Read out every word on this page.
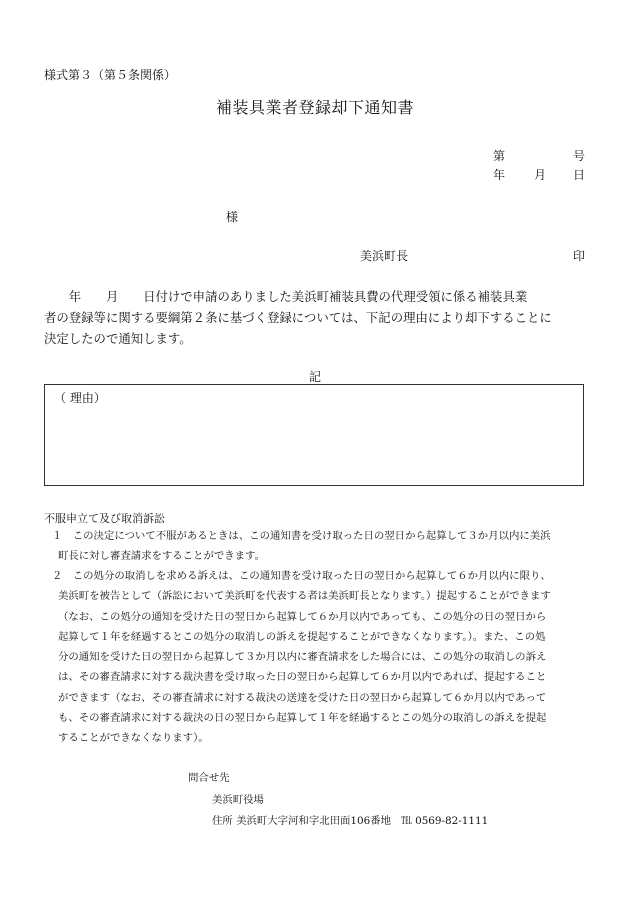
様式第３（第５条関係）
補装具業者登録却下通知書
第	号
年 月 日
様
美浜町長	印
　　年　　月　　日付けで申請のありました美浜町補装具費の代理受領に係る補装具業
者の登録等に関する要綱第２条に基づく登録については、下記の理由により却下することに
決定したので通知します。
記
（ 理由）
不服申立て及び取消訴訟
１　この決定について不服があるときは、この通知書を受け取った日の翌日から起算して３か月以内に美浜
町長に対し審査請求をすることができます。
２　この処分の取消しを求める訴えは、この通知書を受け取った日の翌日から起算して６か月以内に限り、
美浜町を被告として（訴訟において美浜町を代表する者は美浜町長となります。）提起することができます
（なお、この処分の通知を受けた日の翌日から起算して６か月以内であっても、この処分の日の翌日から
起算して１年を経過するとこの処分の取消しの訴えを提起することができなくなります。）。また、この処
分の通知を受けた日の翌日から起算して３か月以内に審査請求をした場合には、この処分の取消しの訴え
は、その審査請求に対する裁決書を受け取った日の翌日から起算して６か月以内であれば、提起すること
ができます（なお、その審査請求に対する裁決の送達を受けた日の翌日から起算して６か月以内であって
も、その審査請求に対する裁決の日の翌日から起算して１年を経過するとこの処分の取消しの訴えを提起
することができなくなります）。
問合せ先
美浜町役場
住所 美浜町大字河和字北田面106番地　℡ 0569-82-1111
